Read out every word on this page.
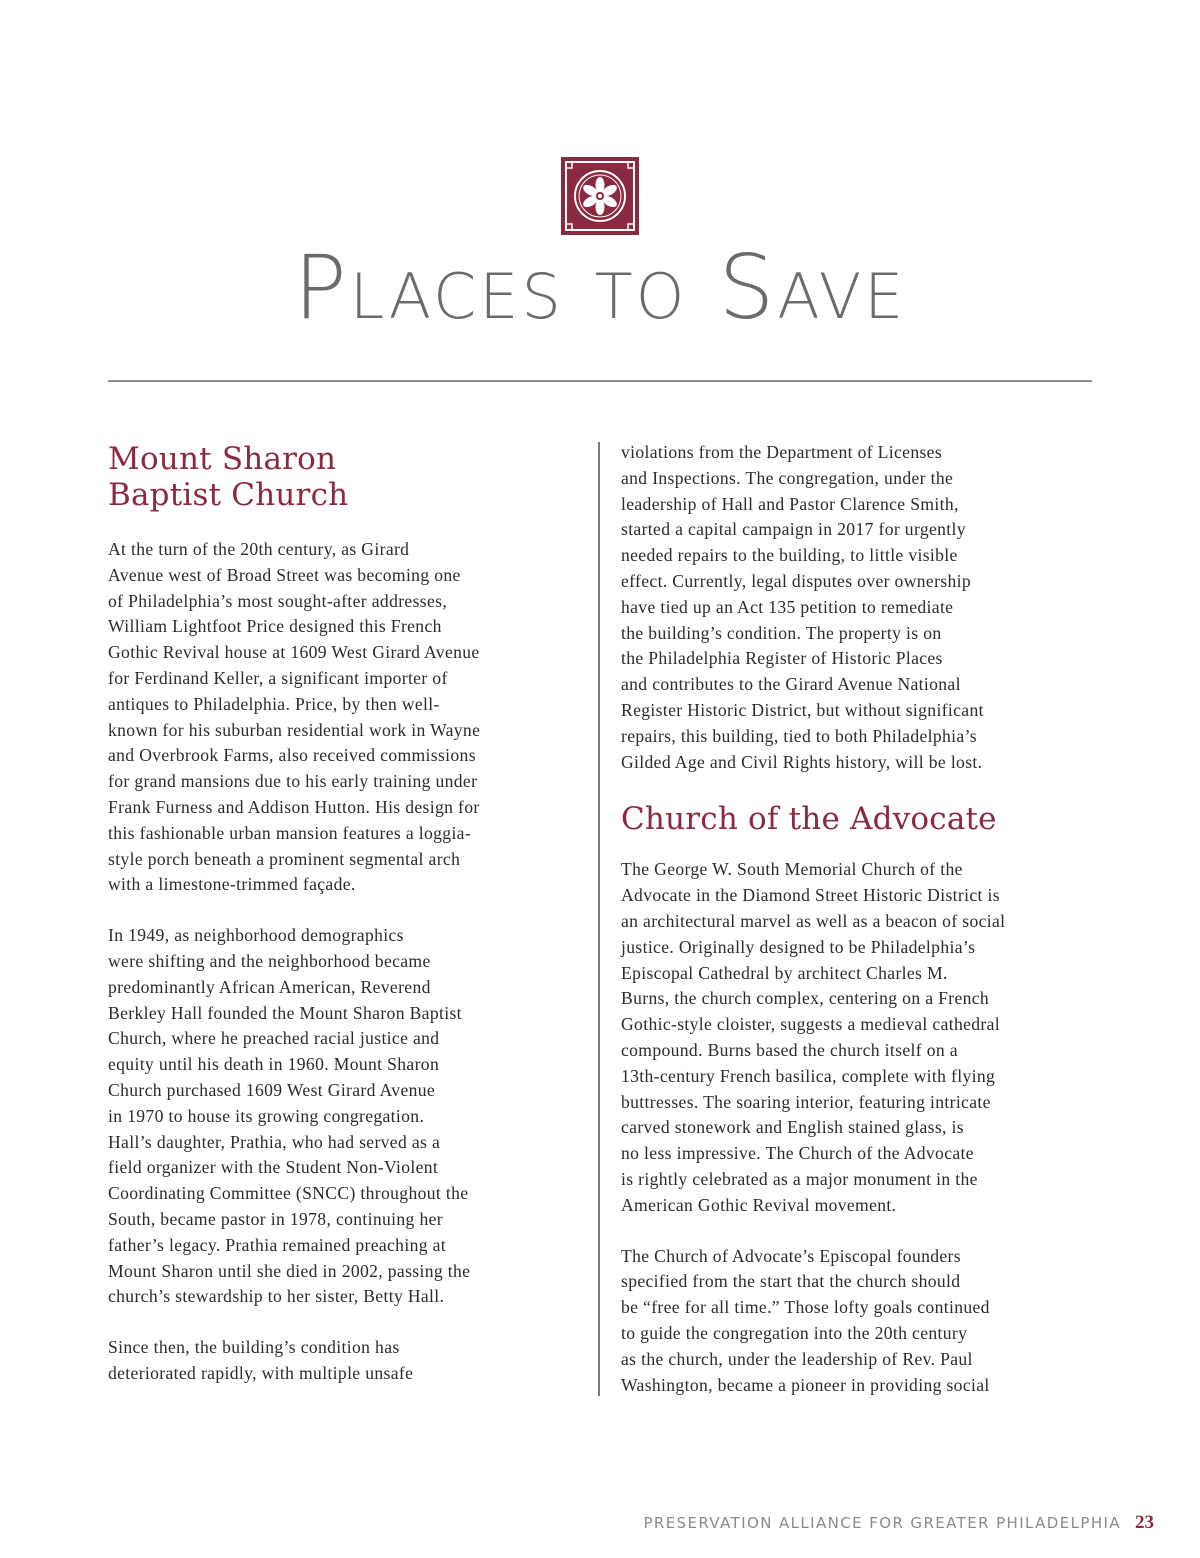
Places to Save
Mount Sharon
Baptist Church
At the turn of the 20th century, as Girard
Avenue west of Broad Street was becoming one
of Philadelphia’s most sought-after addresses,
William Lightfoot Price designed this French
Gothic Revival house at 1609 West Girard Avenue
for Ferdinand Keller, a significant importer of
antiques to Philadelphia. Price, by then well-
known for his suburban residential work in Wayne
and Overbrook Farms, also received commissions
for grand mansions due to his early training under
Frank Furness and Addison Hutton. His design for
this fashionable urban mansion features a loggia-
style porch beneath a prominent segmental arch
with a limestone-trimmed façade.
In 1949, as neighborhood demographics
were shifting and the neighborhood became
predominantly African American, Reverend
Berkley Hall founded the Mount Sharon Baptist
Church, where he preached racial justice and
equity until his death in 1960. Mount Sharon
Church purchased 1609 West Girard Avenue
in 1970 to house its growing congregation.
Hall’s daughter, Prathia, who had served as a
field organizer with the Student Non-Violent
Coordinating Committee (SNCC) throughout the
South, became pastor in 1978, continuing her
father’s legacy. Prathia remained preaching at
Mount Sharon until she died in 2002, passing the
church’s stewardship to her sister, Betty Hall.
Since then, the building’s condition has
deteriorated rapidly, with multiple unsafe
violations from the Department of Licenses
and Inspections. The congregation, under the
leadership of Hall and Pastor Clarence Smith,
started a capital campaign in 2017 for urgently
needed repairs to the building, to little visible
effect. Currently, legal disputes over ownership
have tied up an Act 135 petition to remediate
the building’s condition. The property is on
the Philadelphia Register of Historic Places
and contributes to the Girard Avenue National
Register Historic District, but without significant
repairs, this building, tied to both Philadelphia’s
Gilded Age and Civil Rights history, will be lost.
Church of the Advocate
The George W. South Memorial Church of the
Advocate in the Diamond Street Historic District is
an architectural marvel as well as a beacon of social
justice. Originally designed to be Philadelphia’s
Episcopal Cathedral by architect Charles M.
Burns, the church complex, centering on a French
Gothic-style cloister, suggests a medieval cathedral
compound. Burns based the church itself on a
13th-century French basilica, complete with flying
buttresses. The soaring interior, featuring intricate
carved stonework and English stained glass, is
no less impressive. The Church of the Advocate
is rightly celebrated as a major monument in the
American Gothic Revival movement.
The Church of Advocate’s Episcopal founders
specified from the start that the church should
be “free for all time.” Those lofty goals continued
to guide the congregation into the 20th century
as the church, under the leadership of Rev. Paul
Washington, became a pioneer in providing social
PRESERVATION ALLIANCE FOR GREATER PHILADELPHIA 23
